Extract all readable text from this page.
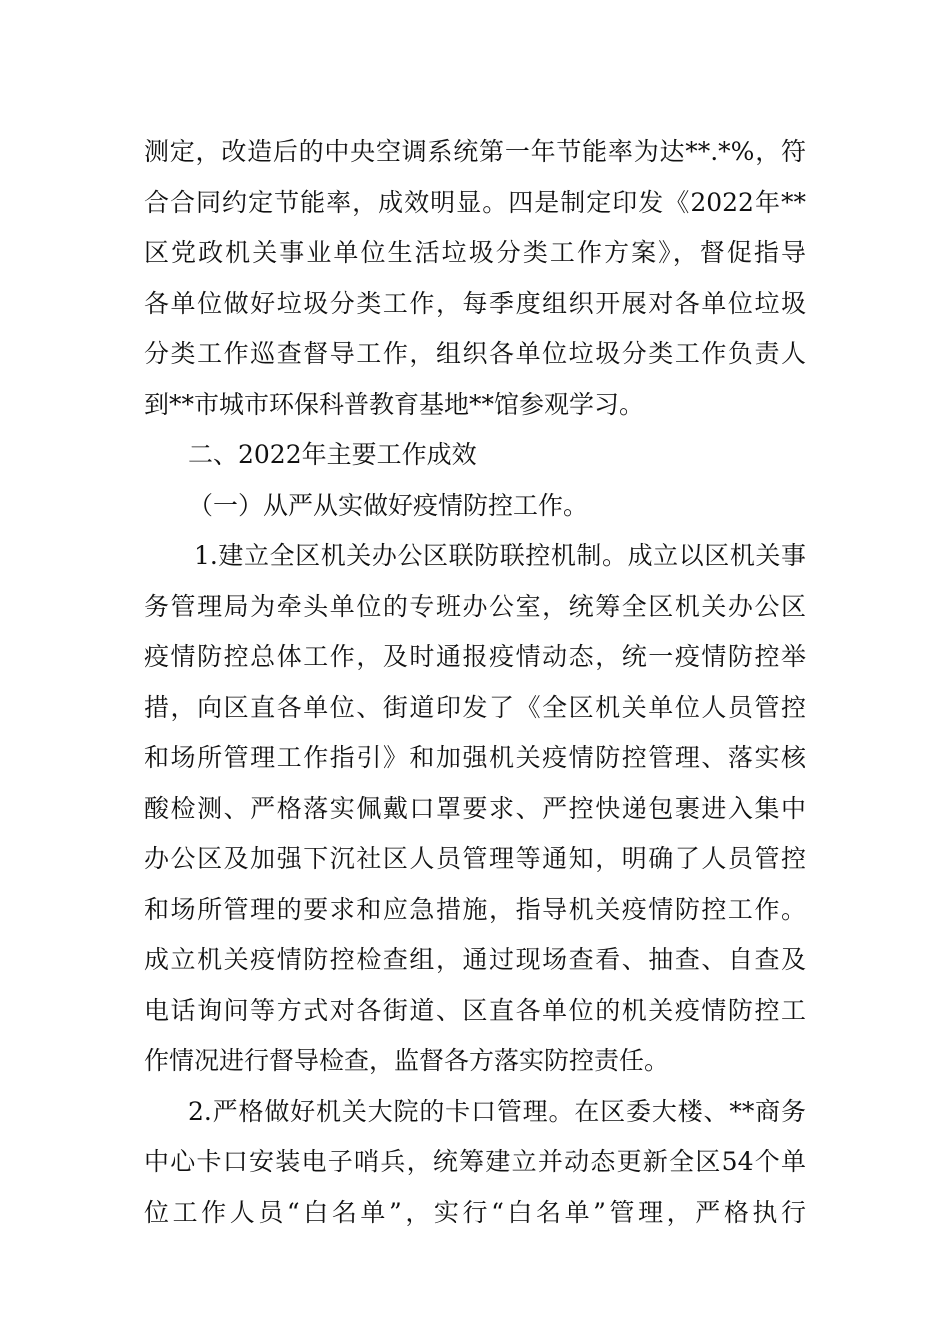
测定，改造后的中央空调系统第一年节能率为达**.*%，符
合合同约定节能率，成效明显。四是制定印发《2022年**
区党政机关事业单位生活垃圾分类工作方案》，督促指导
各单位做好垃圾分类工作，每季度组织开展对各单位垃圾
分类工作巡查督导工作，组织各单位垃圾分类工作负责人
到**市城市环保科普教育基地**馆参观学习。
二、2022年主要工作成效
（一）从严从实做好疫情防控工作。
1.建立全区机关办公区联防联控机制。成立以区机关事
务管理局为牵头单位的专班办公室，统筹全区机关办公区
疫情防控总体工作，及时通报疫情动态，统一疫情防控举
措，向区直各单位、街道印发了《全区机关单位人员管控
和场所管理工作指引》和加强机关疫情防控管理、落实核
酸检测、严格落实佩戴口罩要求、严控快递包裹进入集中
办公区及加强下沉社区人员管理等通知，明确了人员管控
和场所管理的要求和应急措施，指导机关疫情防控工作。
成立机关疫情防控检查组，通过现场查看、抽查、自查及
电话询问等方式对各街道、区直各单位的机关疫情防控工
作情况进行督导检查，监督各方落实防控责任。
2.严格做好机关大院的卡口管理。在区委大楼、**商务
中心卡口安装电子哨兵，统筹建立并动态更新全区54个单
位工作人员“白名单”，实行“白名单”管理，严格执行
